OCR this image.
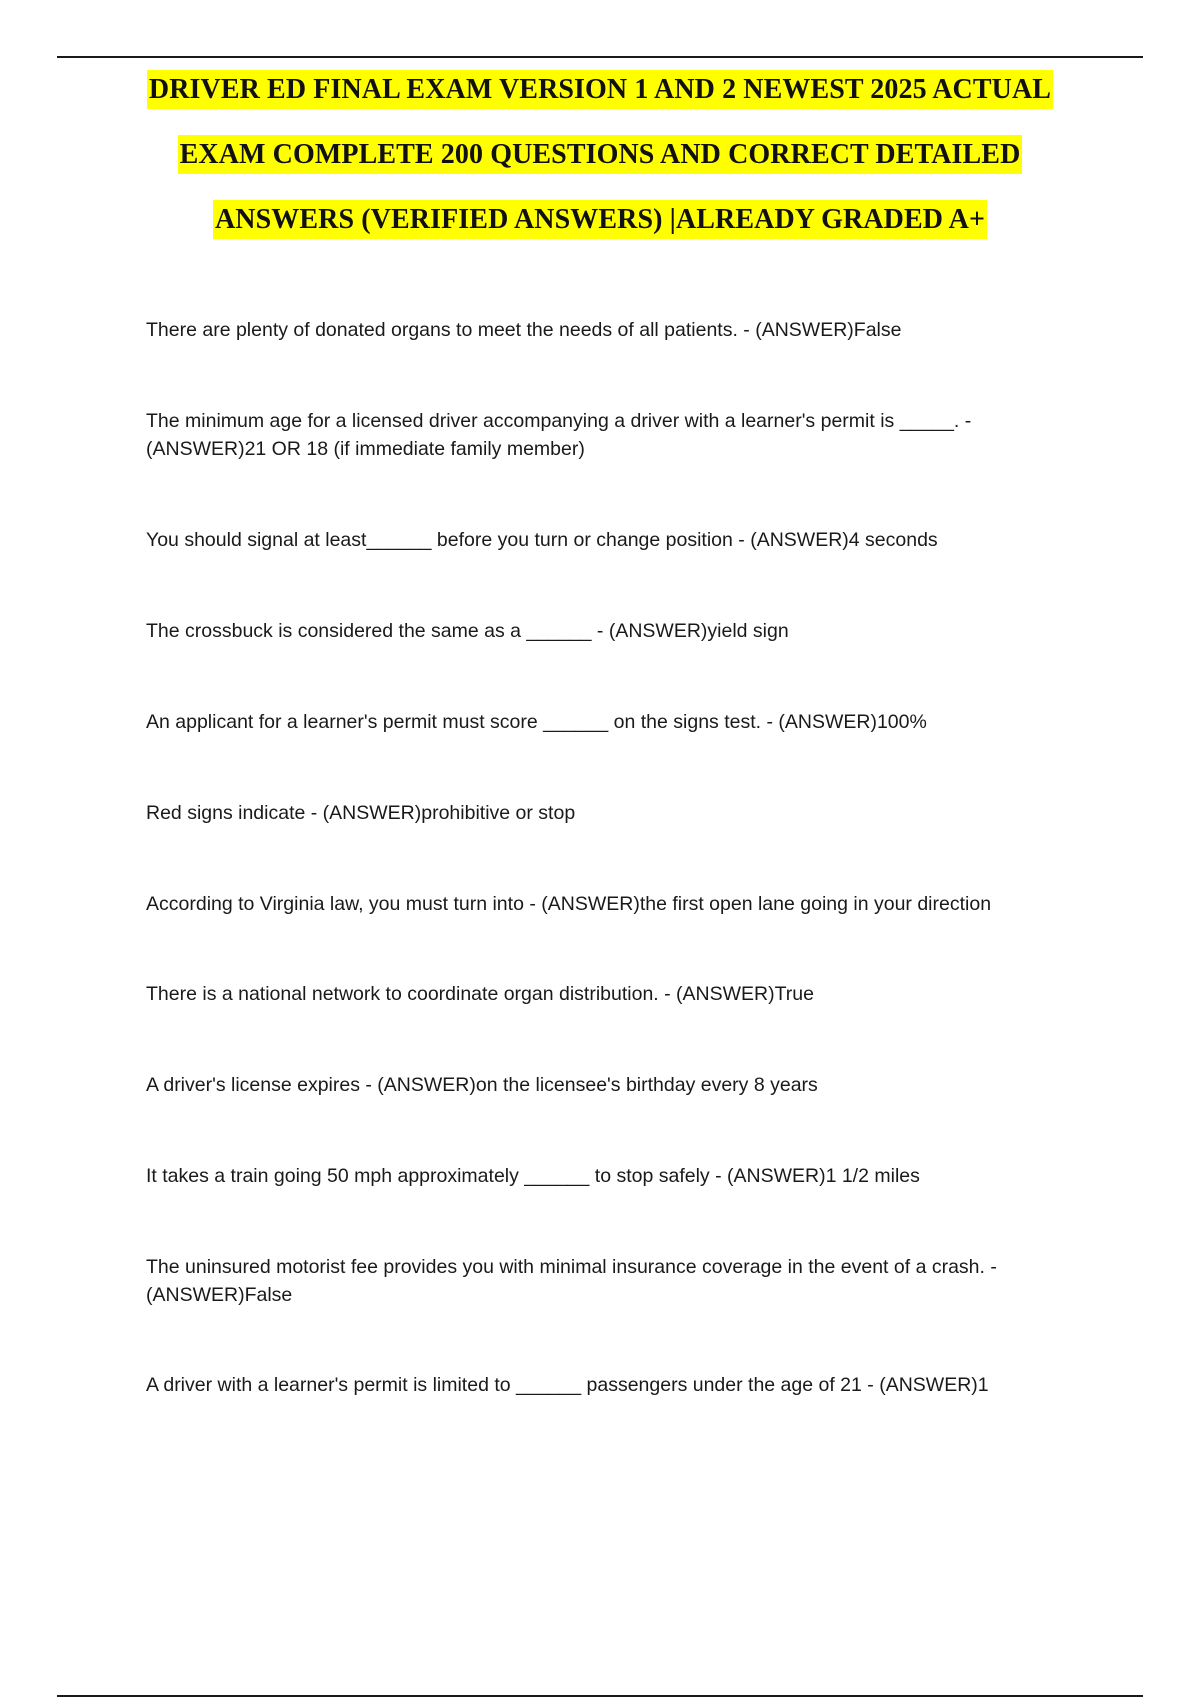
DRIVER ED FINAL EXAM VERSION 1 AND 2 NEWEST 2025 ACTUAL
EXAM COMPLETE 200 QUESTIONS AND CORRECT DETAILED
ANSWERS (VERIFIED ANSWERS) |ALREADY GRADED A+

There are plenty of donated organs to meet the needs of all patients. - (ANSWER)False

The minimum age for a licensed driver accompanying a driver with a learner's permit is _____. - (ANSWER)21 OR 18 (if immediate family member)

You should signal at least______ before you turn or change position - (ANSWER)4 seconds

The crossbuck is considered the same as a ______ - (ANSWER)yield sign

An applicant for a learner's permit must score ______ on the signs test. - (ANSWER)100%

Red signs indicate - (ANSWER)prohibitive or stop

According to Virginia law, you must turn into - (ANSWER)the first open lane going in your direction

There is a national network to coordinate organ distribution. - (ANSWER)True

A driver's license expires - (ANSWER)on the licensee's birthday every 8 years

It takes a train going 50 mph approximately ______ to stop safely - (ANSWER)1 1/2 miles

The uninsured motorist fee provides you with minimal insurance coverage in the event of a crash. - (ANSWER)False

A driver with a learner's permit is limited to ______ passengers under the age of 21 - (ANSWER)1
